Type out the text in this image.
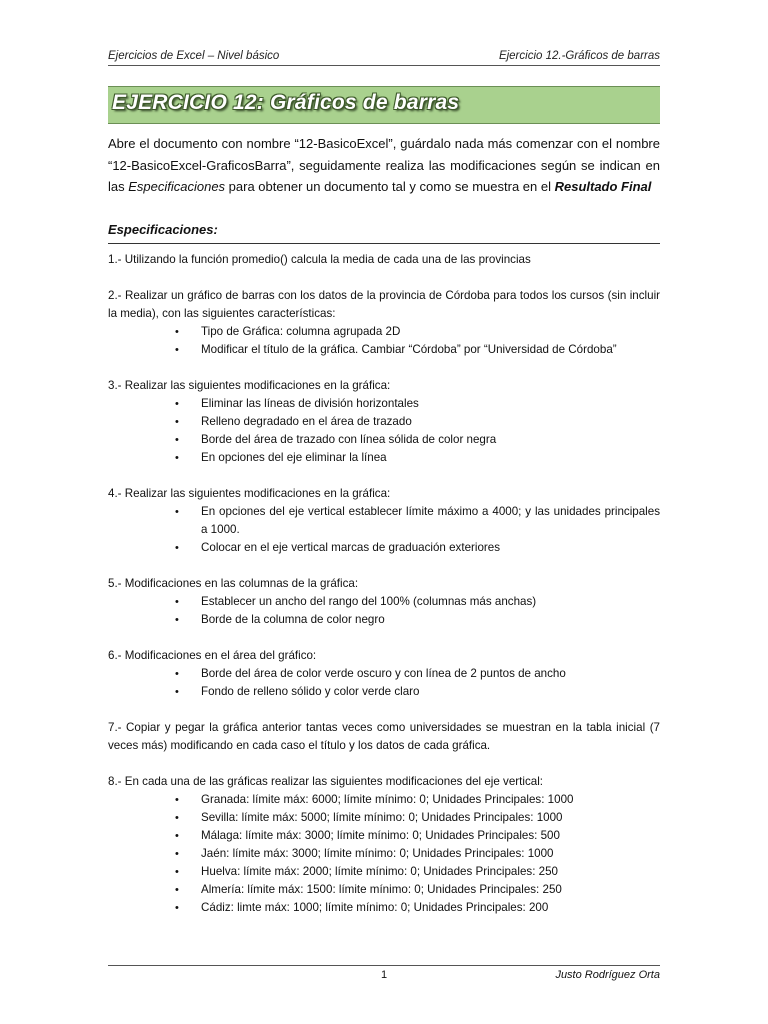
Ejercicios de Excel – Nivel básico	Ejercicio 12.-Gráficos de barras
EJERCICIO 12: Gráficos de barras

Abre el documento con nombre “12-BasicoExcel”, guárdalo nada más comenzar con el nombre “12-BasicoExcel-GraficosBarra”, seguidamente realiza las modificaciones según se indican en las Especificaciones para obtener un documento tal y como se muestra en el Resultado Final

Especificaciones:

1.- Utilizando la función promedio() calcula la media de cada una de las provincias

2.- Realizar un gráfico de barras con los datos de la provincia de Córdoba para todos los cursos (sin incluir la media), con las siguientes características:

• Tipo de Gráfica: columna agrupada 2D
• Modificar el título de la gráfica. Cambiar “Córdoba” por “Universidad de Córdoba”

3.- Realizar las siguientes modificaciones en la gráfica:

• Eliminar las líneas de división horizontales
• Relleno degradado en el área de trazado
• Borde del área de trazado con línea sólida de color negra
• En opciones del eje eliminar la línea

4.- Realizar las siguientes modificaciones en la gráfica:

• En opciones del eje vertical establecer límite máximo a 4000; y las unidades principales a 1000.
• Colocar en el eje vertical marcas de graduación exteriores

5.- Modificaciones en las columnas de la gráfica:

• Establecer un ancho del rango del 100% (columnas más anchas)
• Borde de la columna de color negro

6.- Modificaciones en el área del gráfico:

• Borde del área de color verde oscuro y con línea de 2 puntos de ancho
• Fondo de relleno sólido y color verde claro

7.- Copiar y pegar la gráfica anterior tantas veces como universidades se muestran en la tabla inicial (7 veces más) modificando en cada caso el título y los datos de cada gráfica.

8.- En cada una de las gráficas realizar las siguientes modificaciones del eje vertical:

• Granada: límite máx: 6000; límite mínimo: 0; Unidades Principales: 1000
• Sevilla: límite máx: 5000; límite mínimo: 0; Unidades Principales: 1000
• Málaga: límite máx: 3000; límite mínimo: 0; Unidades Principales: 500
• Jaén: límite máx: 3000; límite mínimo: 0; Unidades Principales: 1000
• Huelva: límite máx: 2000; límite mínimo: 0; Unidades Principales: 250
• Almería: límite máx: 1500: límite mínimo: 0; Unidades Principales: 250
• Cádiz: limte máx: 1000; límite mínimo: 0; Unidades Principales: 200
1	Justo Rodríguez Orta
